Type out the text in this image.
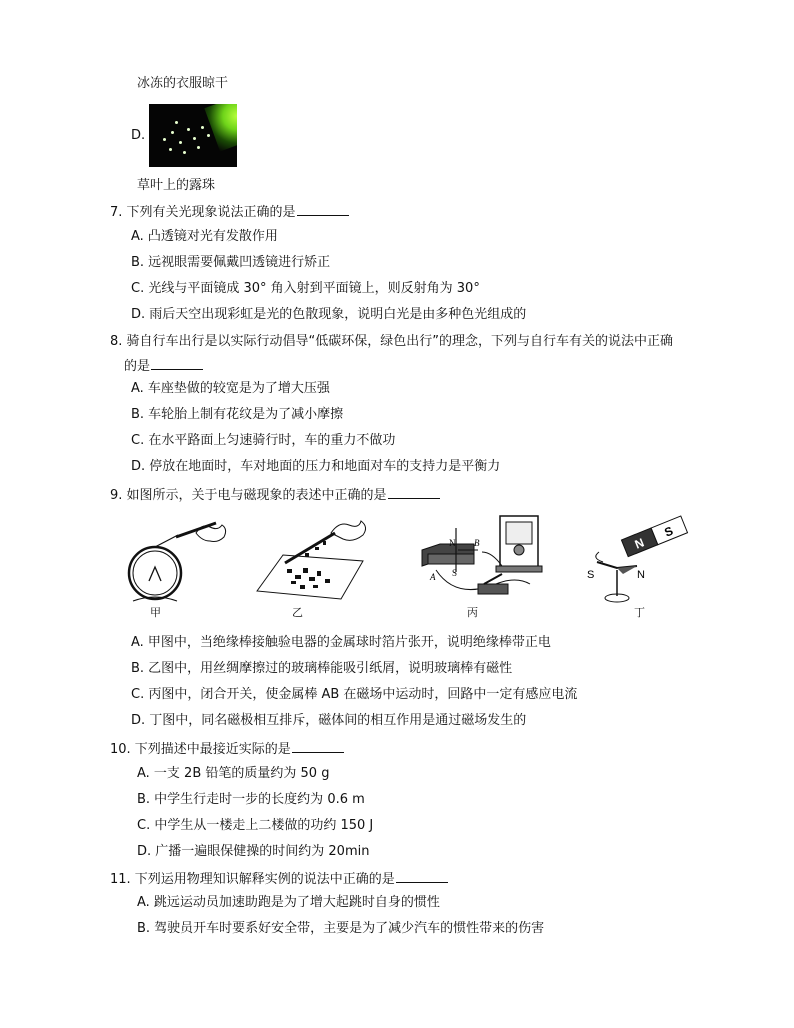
冰冻的衣服晾干
D.
草叶上的露珠
7. 下列有关光现象说法正确的是
A. 凸透镜对光有发散作用
B. 远视眼需要佩戴凹透镜进行矫正
C. 光线与平面镜成 30° 角入射到平面镜上，则反射角为 30°
D. 雨后天空出现彩虹是光的色散现象，说明白光是由多种色光组成的
8. 骑自行车出行是以实际行动倡导“低碳环保，绿色出行”的理念，下列与自行车有关的说法中正确
的是
A. 车座垫做的较宽是为了增大压强
B. 车轮胎上制有花纹是为了减小摩擦
C. 在水平路面上匀速骑行时，车的重力不做功
D. 停放在地面时，车对地面的压力和地面对车的支持力是平衡力
9. 如图所示，关于电与磁现象的表述中正确的是
甲	乙
N B
A S
丙
N
S
S	N
丁
A. 甲图中，当绝缘棒接触验电器的金属球时箔片张开，说明绝缘棒带正电
B. 乙图中，用丝绸摩擦过的玻璃棒能吸引纸屑，说明玻璃棒有磁性
C. 丙图中，闭合开关，使金属棒 AB 在磁场中运动时，回路中一定有感应电流
D. 丁图中，同名磁极相互排斥，磁体间的相互作用是通过磁场发生的
10. 下列描述中最接近实际的是
A. 一支 2B 铅笔的质量约为 50 g
B. 中学生行走时一步的长度约为 0.6 m
C. 中学生从一楼走上二楼做的功约 150 J
D. 广播一遍眼保健操的时间约为 20min
11. 下列运用物理知识解释实例的说法中正确的是
A. 跳远运动员加速助跑是为了增大起跳时自身的惯性
B. 驾驶员开车时要系好安全带，主要是为了减少汽车的惯性带来的伤害
